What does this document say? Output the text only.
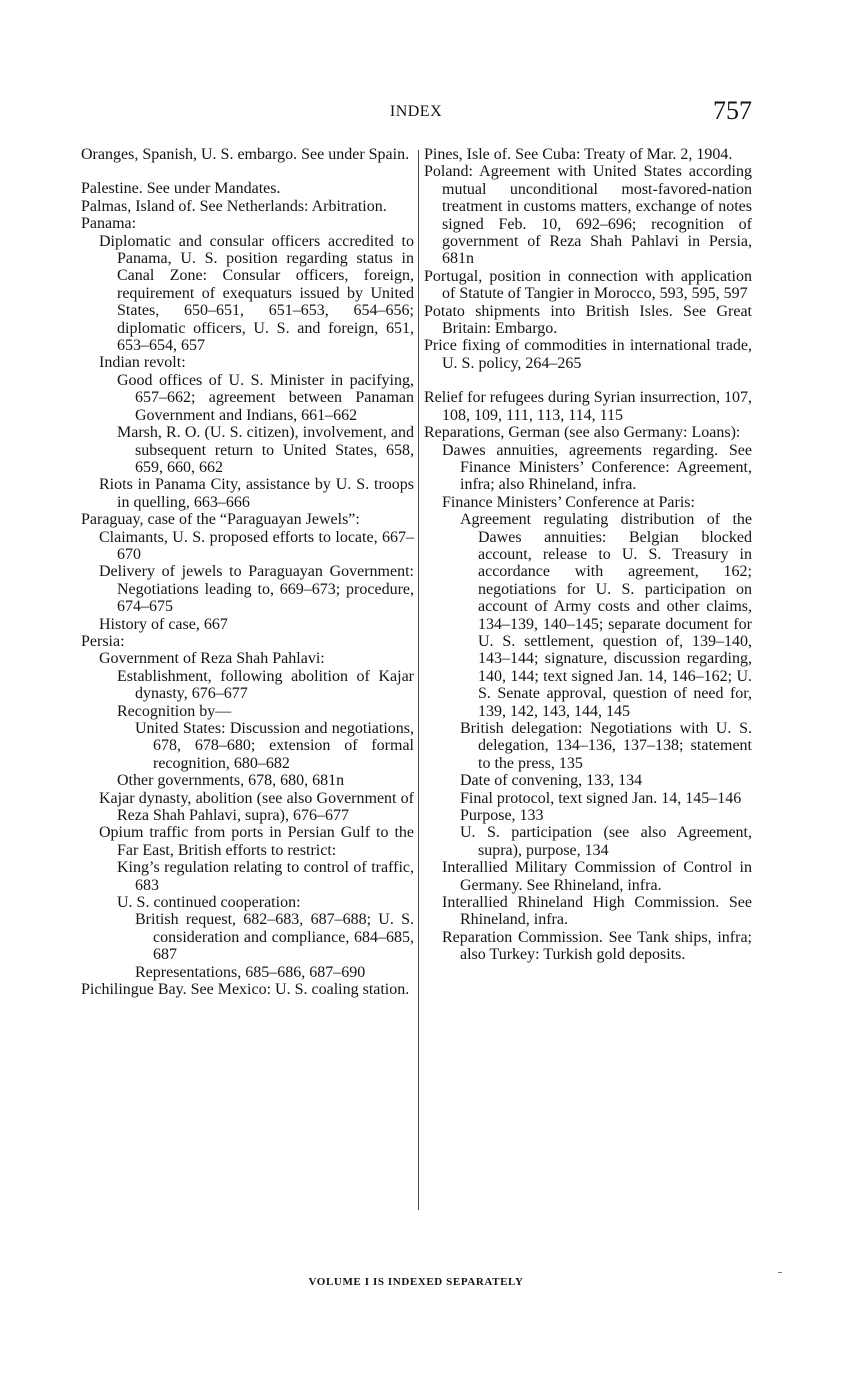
INDEX	757

Oranges, Spanish, U. S. embargo. See under Spain.

Palestine. See under Mandates.

Palmas, Island of. See Netherlands: Arbitration.

Panama:

Diplomatic and consular officers accredited to Panama, U. S. position regarding status in Canal Zone: Consular officers, foreign, requirement of exequaturs issued by United States, 650–651, 651–653, 654–656; diplomatic officers, U. S. and foreign, 651, 653–654, 657

Indian revolt:

Good offices of U. S. Minister in pacifying, 657–662; agreement between Panaman Government and Indians, 661–662

Marsh, R. O. (U. S. citizen), involvement, and subsequent return to United States, 658, 659, 660, 662

Riots in Panama City, assistance by U. S. troops in quelling, 663–666

Paraguay, case of the “Paraguayan Jewels”:

Claimants, U. S. proposed efforts to locate, 667–670

Delivery of jewels to Paraguayan Government: Negotiations leading to, 669–673; procedure, 674–675

History of case, 667

Persia:

Government of Reza Shah Pahlavi:

Establishment, following abolition of Kajar dynasty, 676–677

Recognition by—

United States: Discussion and negotiations, 678, 678–680; extension of formal recognition, 680–682

Other governments, 678, 680, 681n

Kajar dynasty, abolition (see also Government of Reza Shah Pahlavi, supra), 676–677

Opium traffic from ports in Persian Gulf to the Far East, British efforts to restrict:

King’s regulation relating to control of traffic, 683

U. S. continued cooperation:

British request, 682–683, 687–688; U. S. consideration and compliance, 684–685, 687

Representations, 685–686, 687–690

Pichilingue Bay. See Mexico: U. S. coaling station.

Pines, Isle of. See Cuba: Treaty of Mar. 2, 1904.

Poland: Agreement with United States according mutual unconditional most-favored-nation treatment in customs matters, exchange of notes signed Feb. 10, 692–696; recognition of government of Reza Shah Pahlavi in Persia, 681n

Portugal, position in connection with application of Statute of Tangier in Morocco, 593, 595, 597

Potato shipments into British Isles. See Great Britain: Embargo.

Price fixing of commodities in international trade, U. S. policy, 264–265

Relief for refugees during Syrian insurrection, 107, 108, 109, 111, 113, 114, 115

Reparations, German (see also Germany: Loans):

Dawes annuities, agreements regarding. See Finance Ministers’ Conference: Agreement, infra; also Rhineland, infra.

Finance Ministers’ Conference at Paris:

Agreement regulating distribution of the Dawes annuities: Belgian blocked account, release to U. S. Treasury in accordance with agreement, 162; negotiations for U. S. participation on account of Army costs and other claims, 134–139, 140–145; separate document for U. S. settlement, question of, 139–140, 143–144; signature, discussion regarding, 140, 144; text signed Jan. 14, 146–162; U. S. Senate approval, question of need for, 139, 142, 143, 144, 145

British delegation: Negotiations with U. S. delegation, 134–136, 137–138; statement to the press, 135

Date of convening, 133, 134

Final protocol, text signed Jan. 14, 145–146

Purpose, 133

U. S. participation (see also Agreement, supra), purpose, 134

Interallied Military Commission of Control in Germany. See Rhineland, infra.

Interallied Rhineland High Commission. See Rhineland, infra.

Reparation Commission. See Tank ships, infra; also Turkey: Turkish gold deposits.

VOLUME I IS INDEXED SEPARATELY
